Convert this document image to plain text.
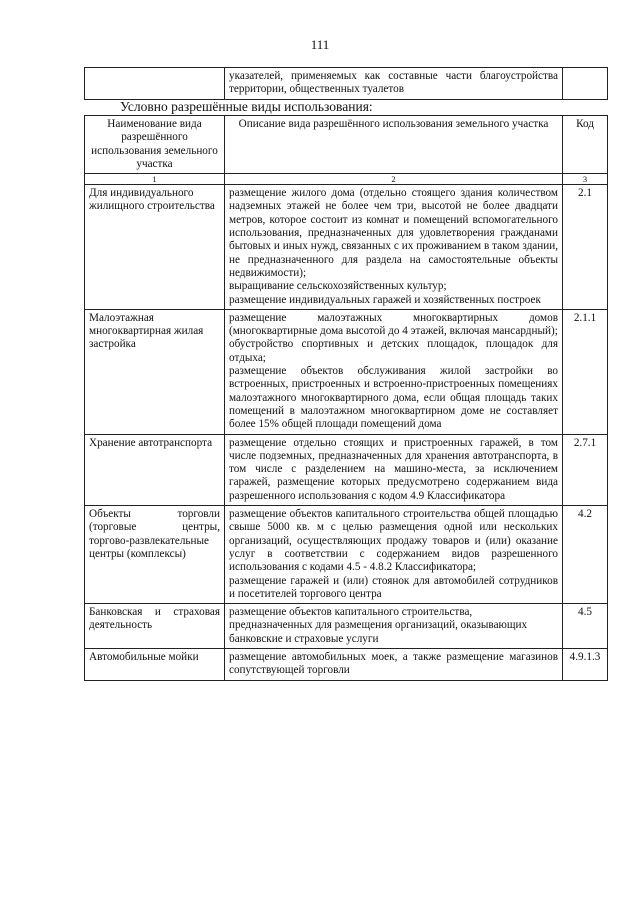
111
	указателей, применяемых как составные части благоустройства территории, общественных туалетов	
Условно разрешённые виды использования:
Наименование вида разрешённого использования земельного участка	Описание вида разрешённого использования земельного участка	Код
1	2	3
Для индивидуального жилищного строительства	размещение жилого дома (отдельно стоящего здания количеством надземных этажей не более чем три, высотой не более двадцати метров, которое состоит из комнат и помещений вспомогательного использования, предназначенных для удовлетворения гражданами бытовых и иных нужд, связанных с их проживанием в таком здании, не предназначенного для раздела на самостоятельные объекты недвижимости);
выращивание сельскохозяйственных культур;
размещение индивидуальных гаражей и хозяйственных построек	2.1
Малоэтажная многоквартирная жилая застройка	размещение малоэтажных многоквартирных домов (многоквартирные дома высотой до 4 этажей, включая мансардный);
обустройство спортивных и детских площадок, площадок для отдыха;
размещение объектов обслуживания жилой застройки во встроенных, пристроенных и встроенно-пристроенных помещениях малоэтажного многоквартирного дома, если общая площадь таких помещений в малоэтажном многоквартирном доме не составляет более 15% общей площади помещений дома	2.1.1
Хранение автотранспорта	размещение отдельно стоящих и пристроенных гаражей, в том числе подземных, предназначенных для хранения автотранспорта, в том числе с разделением на машино-места, за исключением гаражей, размещение которых предусмотрено содержанием вида разрешенного использования с кодом 4.9 Классификатора	2.7.1
Объекты торговли (торговые центры, торгово-развлекательные центры (комплексы)	размещение объектов капитального строительства общей площадью свыше 5000 кв. м с целью размещения одной или нескольких организаций, осуществляющих продажу товаров и (или) оказание услуг в соответствии с содержанием видов разрешенного использования с кодами 4.5 - 4.8.2 Классификатора;
размещение гаражей и (или) стоянок для автомобилей сотрудников и посетителей торгового центра	4.2
Банковская и страховая деятельность	размещение объектов капитального строительства, предназначенных для размещения организаций, оказывающих банковские и страховые услуги	4.5
Автомобильные мойки	размещение автомобильных моек, а также размещение магазинов сопутствующей торговли	4.9.1.3
